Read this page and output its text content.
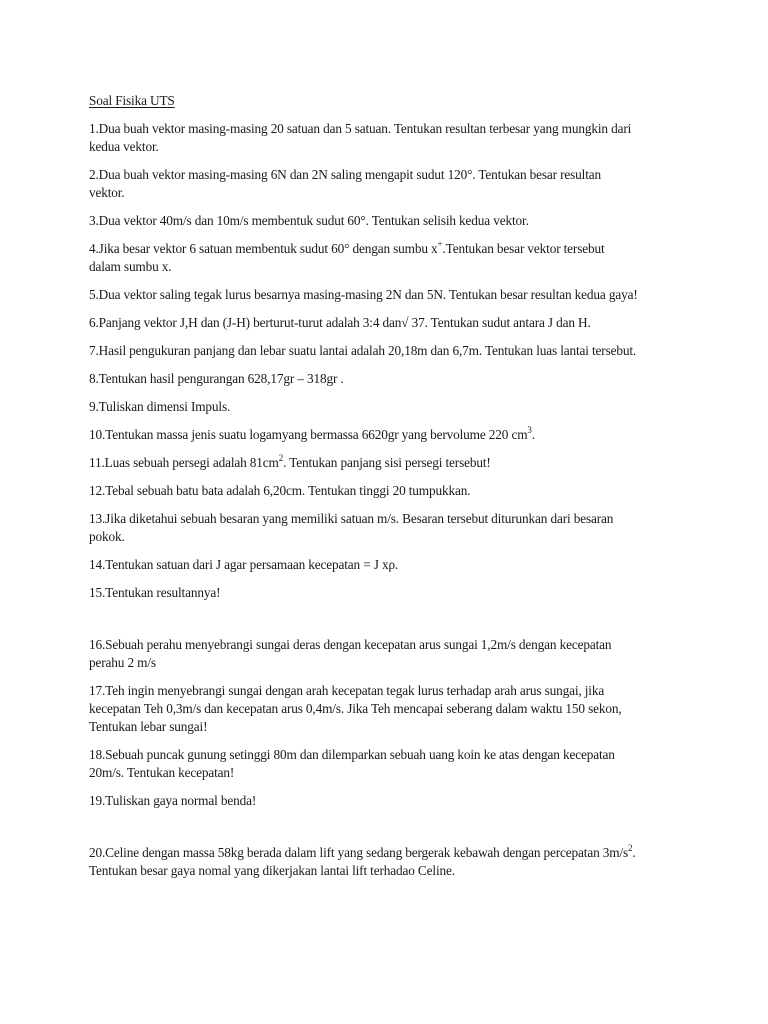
Soal Fisika UTS

1.Dua buah vektor masing-masing 20 satuan dan 5 satuan. Tentukan resultan terbesar yang mungkin dari

kedua vektor.

2.Dua buah vektor masing-masing 6N dan 2N saling mengapit sudut 120°. Tentukan besar resultan

vektor.

3.Dua vektor 40m/s dan 10m/s membentuk sudut 60°. Tentukan selisih kedua vektor.

4.Jika besar vektor 6 satuan membentuk sudut 60° dengan sumbu x+.Tentukan besar vektor tersebut

dalam sumbu x.

5.Dua vektor saling tegak lurus besarnya masing-masing 2N dan 5N. Tentukan besar resultan kedua gaya!

6.Panjang vektor J,H dan (J-H) berturut-turut adalah 3:4 dan√ 37. Tentukan sudut antara J dan H.

7.Hasil pengukuran panjang dan lebar suatu lantai adalah 20,18m dan 6,7m. Tentukan luas lantai tersebut.

8.Tentukan hasil pengurangan 628,17gr – 318gr .

9.Tuliskan dimensi Impuls.

10.Tentukan massa jenis suatu logamyang bermassa 6620gr yang bervolume 220 $cm^3$.

11.Luas sebuah persegi adalah $81cm^2$. Tentukan panjang sisi persegi tersebut!

12.Tebal sebuah batu bata adalah 6,20cm. Tentukan tinggi 20 tumpukkan.

13.Jika diketahui sebuah besaran yang memiliki satuan m/s. Besaran tersebut diturunkan dari besaran

pokok.

14.Tentukan satuan dari J agar persamaan kecepatan = J xρ.

15.Tentukan resultannya!

16.Sebuah perahu menyebrangi sungai deras dengan kecepatan arus sungai 1,2m/s dengan kecepatan

perahu 2 m/s

17.Teh ingin menyebrangi sungai dengan arah kecepatan tegak lurus terhadap arah arus sungai, jika

kecepatan Teh 0,3m/s dan kecepatan arus 0,4m/s. Jika Teh mencapai seberang dalam waktu 150 sekon,

Tentukan lebar sungai!

18.Sebuah puncak gunung setinggi 80m dan dilemparkan sebuah uang koin ke atas dengan kecepatan

20m/s. Tentukan kecepatan!

19.Tuliskan gaya normal benda!

20.Celine dengan massa 58kg berada dalam lift yang sedang bergerak kebawah dengan percepatan $3m/s^2$.

Tentukan besar gaya nomal yang dikerjakan lantai lift terhadao Celine.
